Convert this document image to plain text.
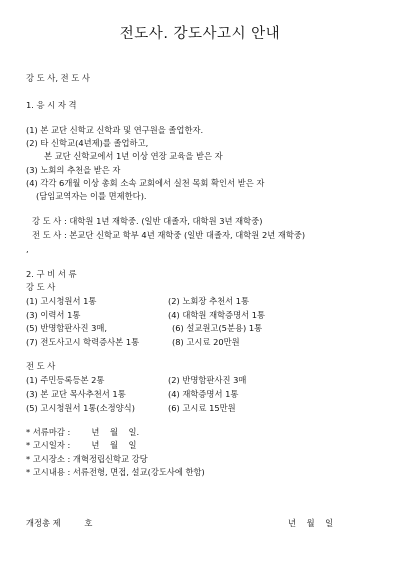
전도사. 강도사고시 안내
강 도 사, 전 도 사
1. 응 시 자 격
(1) 본 교단 신학교 신학과 및 연구원을 졸업한자.
(2) 타 신학교(4년제)를 졸업하고,
본 교단 신학교에서 1년 이상 연장 교육을 받은 자
(3) 노회의 추천을 받은 자
(4) 각각 6개월 이상 총회 소속 교회에서 실천 목회 확인서 받은 자
(담임교역자는 이를 면제한다).
강 도 사 : 대학원 1년 재학중. (일반 대졸자, 대학원 3년 재학중)
전 도 사 : 본교단 신학교 학부 4년 재학중 (일반 대졸자, 대학원 2년 재학중)
,
2. 구 비 서 류
강 도 사
(1) 고시청원서 1통	(2) 노회장 추천서 1통
(3) 이력서 1통	(4) 대학원 재학증명서 1통
(5) 반명함판사진 3매,	(6) 설교원고(5분용) 1통
(7) 전도사고시 학력증사본 1통	(8) 고시료 20만원
전 도 사
(1) 주민등록등본 2통	(2) 반명함판사진 3매
(3) 본 교단 목사추천서 1통	(4) 재학증명서 1통
(5) 고시청원서 1통(소정양식)	(6) 고시료 15만원
* 서류마감 :        년    월    일.
* 고시일자 :        년    월    일
* 고시장소 : 개혁정립신학교 강당
* 고시내용 : 서류전형, 면접, 설교(강도사에 한함)
개정총 제         호	년    월    일
